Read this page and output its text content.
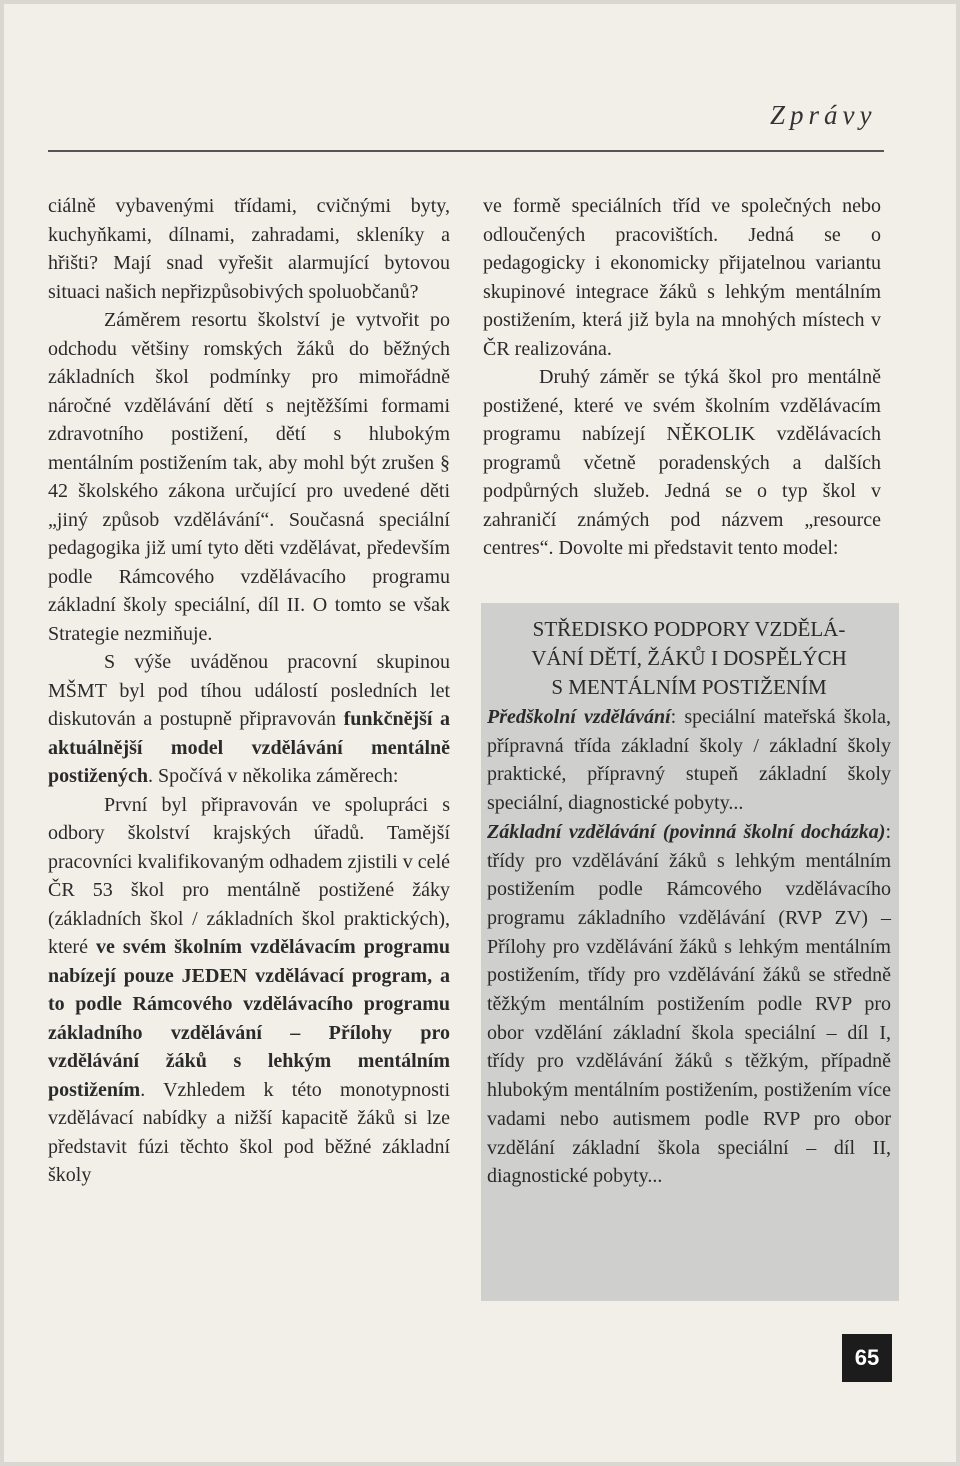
Zprávy

ciálně vybavenými třídami, cvičnými byty, kuchyňkami, dílnami, zahradami, skleníky a hřišti? Mají snad vyřešit alarmující bytovou situaci našich nepřizpůsobivých spoluobčanů?

Záměrem resortu školství je vytvořit po odchodu většiny romských žáků do běžných základních škol podmínky pro mimořádně náročné vzdělávání dětí s nejtěžšími formami zdravotního postižení, dětí s hlubokým mentálním postižením tak, aby mohl být zrušen § 42 školského zákona určující pro uvedené děti „jiný způsob vzdělávání“. Současná speciální pedagogika již umí tyto děti vzdělávat, především podle Rámcového vzdělávacího programu základní školy speciální, díl II. O tomto se však Strategie nezmiňuje.

S výše uváděnou pracovní skupinou MŠMT byl pod tíhou událostí posledních let diskutován a postupně připravován funkčnější a aktuálnější model vzdělávání mentálně postižených. Spočívá v několika záměrech:

První byl připravován ve spolupráci s odbory školství krajských úřadů. Tamější pracovníci kvalifikovaným odhadem zjistili v celé ČR 53 škol pro mentálně postižené žáky (základních škol / základních škol praktických), které ve svém školním vzdělávacím programu nabízejí pouze JEDEN vzdělávací program, a to podle Rámcového vzdělávacího programu základního vzdělávání – Přílohy pro vzdělávání žáků s lehkým mentálním postižením. Vzhledem k této monotypnosti vzdělávací nabídky a nižší kapacitě žáků si lze představit fúzi těchto škol pod běžné základní školy

ve formě speciálních tříd ve společných nebo odloučených pracovištích. Jedná se o pedagogicky i ekonomicky přijatelnou variantu skupinové integrace žáků s lehkým mentálním postižením, která již byla na mnohých místech v ČR realizována.

Druhý záměr se týká škol pro mentálně postižené, které ve svém školním vzdělávacím programu nabízejí NĚKOLIK vzdělávacích programů včetně poradenských a dalších podpůrných služeb. Jedná se o typ škol v zahraničí známých pod názvem „resource centres“. Dovolte mi představit tento model:

STŘEDISKO PODPORY VZDĚLÁ-
VÁNÍ DĚTÍ, ŽÁKŮ I DOSPĚLÝCH
S MENTÁLNÍM POSTIŽENÍM

Předškolní vzdělávání: speciální mateřská škola, přípravná třída základní školy / základní školy praktické, přípravný stupeň základní školy speciální, diagnostické pobyty...

Základní vzdělávání (povinná školní docházka): třídy pro vzdělávání žáků s lehkým mentálním postižením podle Rámcového vzdělávacího programu základního vzdělávání (RVP ZV) – Přílohy pro vzdělávání žáků s lehkým mentálním postižením, třídy pro vzdělávání žáků se středně těžkým mentálním postižením podle RVP pro obor vzdělání základní škola speciální – díl I, třídy pro vzdělávání žáků s těžkým, případně hlubokým mentálním postižením, postižením více vadami nebo autismem podle RVP pro obor vzdělání základní škola speciální – díl II, diagnostické pobyty...

65
